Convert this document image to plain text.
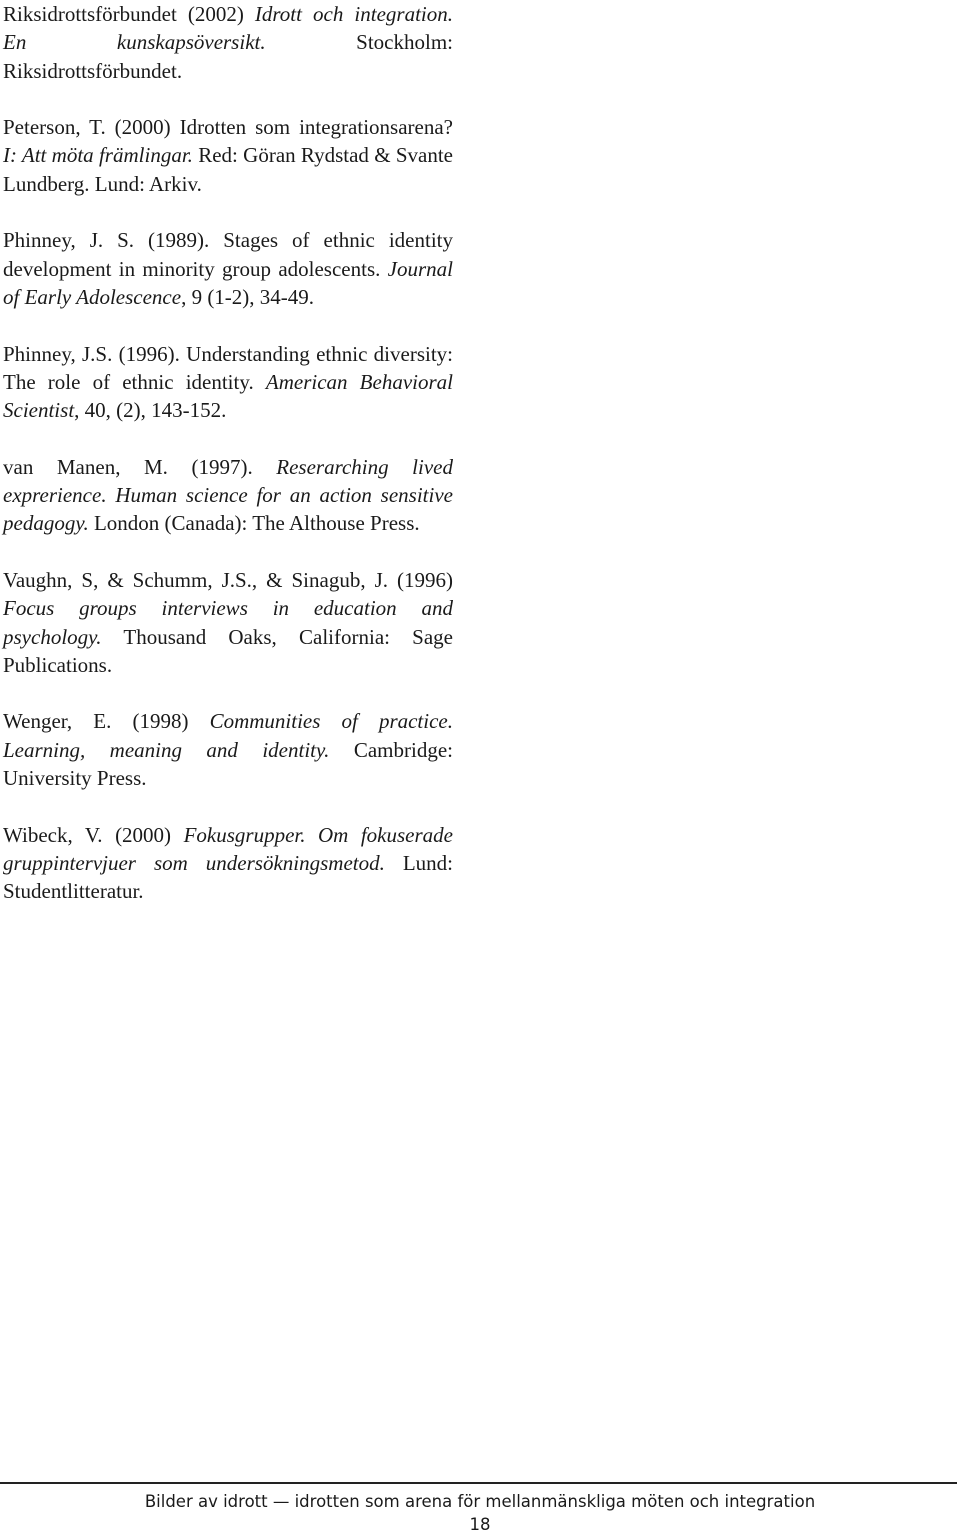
Riksidrottsförbundet (2002) Idrott och integration. En kunskapsöversikt. Stockholm: Riksidrottsförbundet.

Peterson, T. (2000) Idrotten som integrationsarena? I: Att möta främlingar. Red: Göran Rydstad & Svante Lundberg. Lund: Arkiv.

Phinney, J. S. (1989). Stages of ethnic identity development in minority group adolescents. Journal of Early Adolescence, 9 (1-2), 34-49.

Phinney, J.S. (1996). Understanding ethnic diversity: The role of ethnic identity. American Behavioral Scientist, 40, (2), 143-152.

van Manen, M. (1997). Reserarching lived exprerience. Human science for an action sensitive pedagogy. London (Canada): The Althouse Press.

Vaughn, S, & Schumm, J.S., & Sinagub, J. (1996) Focus groups interviews in education and psychology. Thousand Oaks, California: Sage Publications.

Wenger, E. (1998) Communities of practice. Learning, meaning and identity. Cambridge: University Press.

Wibeck, V. (2000) Fokusgrupper. Om fokuserade gruppintervjuer som undersökningsmetod. Lund: Studentlitteratur.

Bilder av idrott — idrotten som arena för mellanmänskliga möten och integration
18
